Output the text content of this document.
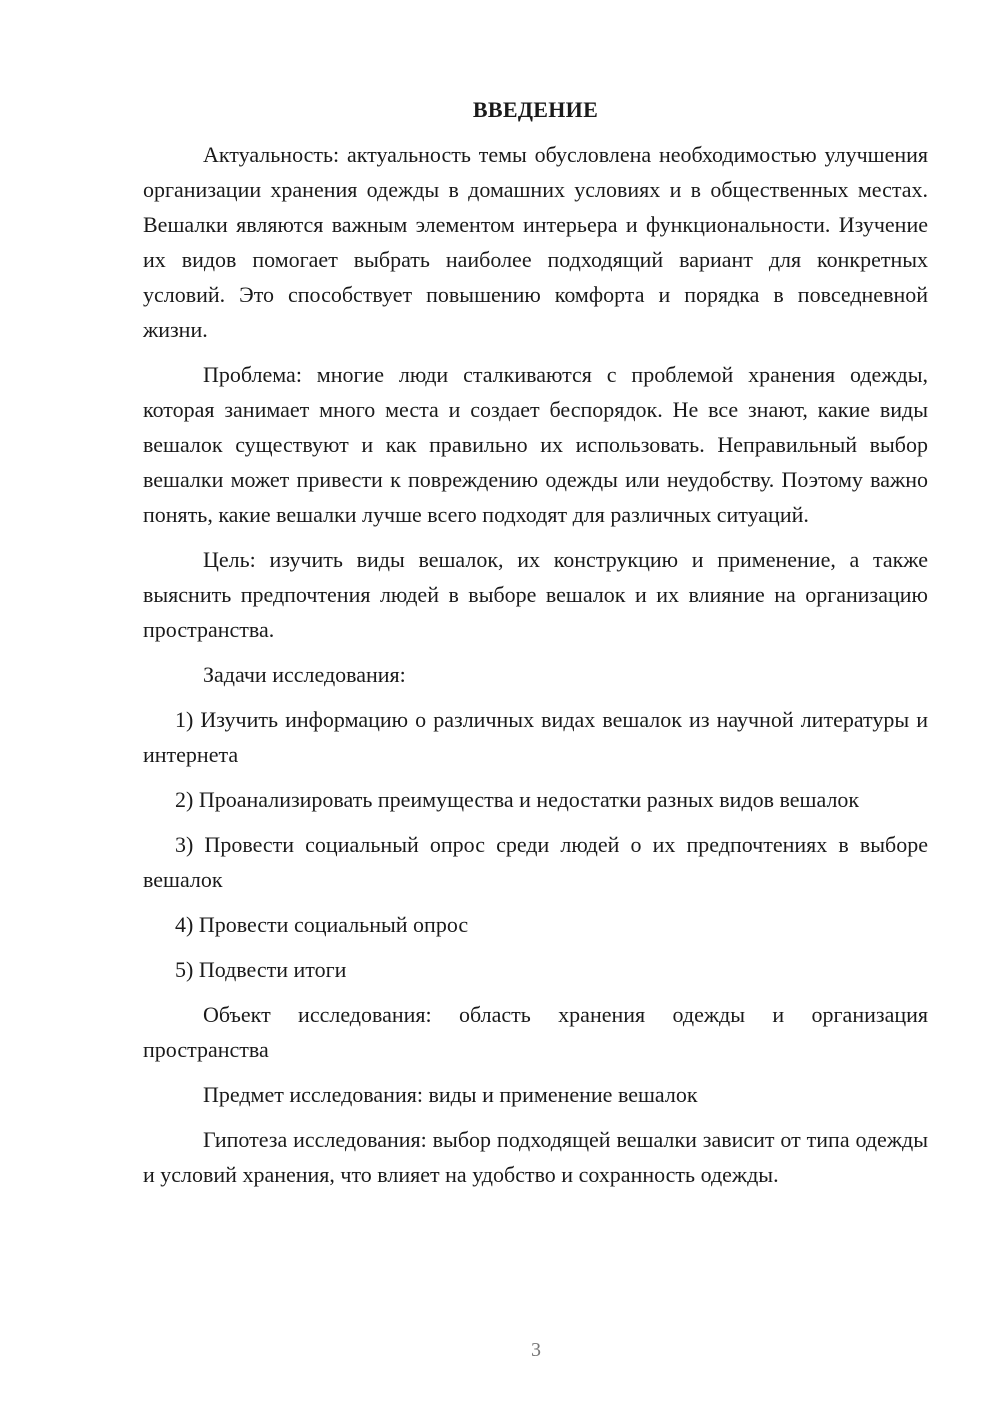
ВВЕДЕНИЕ

Актуальность: актуальность темы обусловлена необходимостью улучшения организации хранения одежды в домашних условиях и в общественных местах. Вешалки являются важным элементом интерьера и функциональности. Изучение их видов помогает выбрать наиболее подходящий вариант для конкретных условий. Это способствует повышению комфорта и порядка в повседневной жизни.

Проблема: многие люди сталкиваются с проблемой хранения одежды, которая занимает много места и создает беспорядок. Не все знают, какие виды вешалок существуют и как правильно их использовать. Неправильный выбор вешалки может привести к повреждению одежды или неудобству. Поэтому важно понять, какие вешалки лучше всего подходят для различных ситуаций.

Цель: изучить виды вешалок, их конструкцию и применение, а также выяснить предпочтения людей в выборе вешалок и их влияние на организацию пространства.

Задачи исследования:

1) Изучить информацию о различных видах вешалок из научной литературы и интернета

2) Проанализировать преимущества и недостатки разных видов вешалок

3) Провести социальный опрос среди людей о их предпочтениях в выборе вешалок

4) Провести социальный опрос

5) Подвести итоги

Объект исследования: область хранения одежды и организация пространства

Предмет исследования: виды и применение вешалок

Гипотеза исследования: выбор подходящей вешалки зависит от типа одежды и условий хранения, что влияет на удобство и сохранность одежды.

3
